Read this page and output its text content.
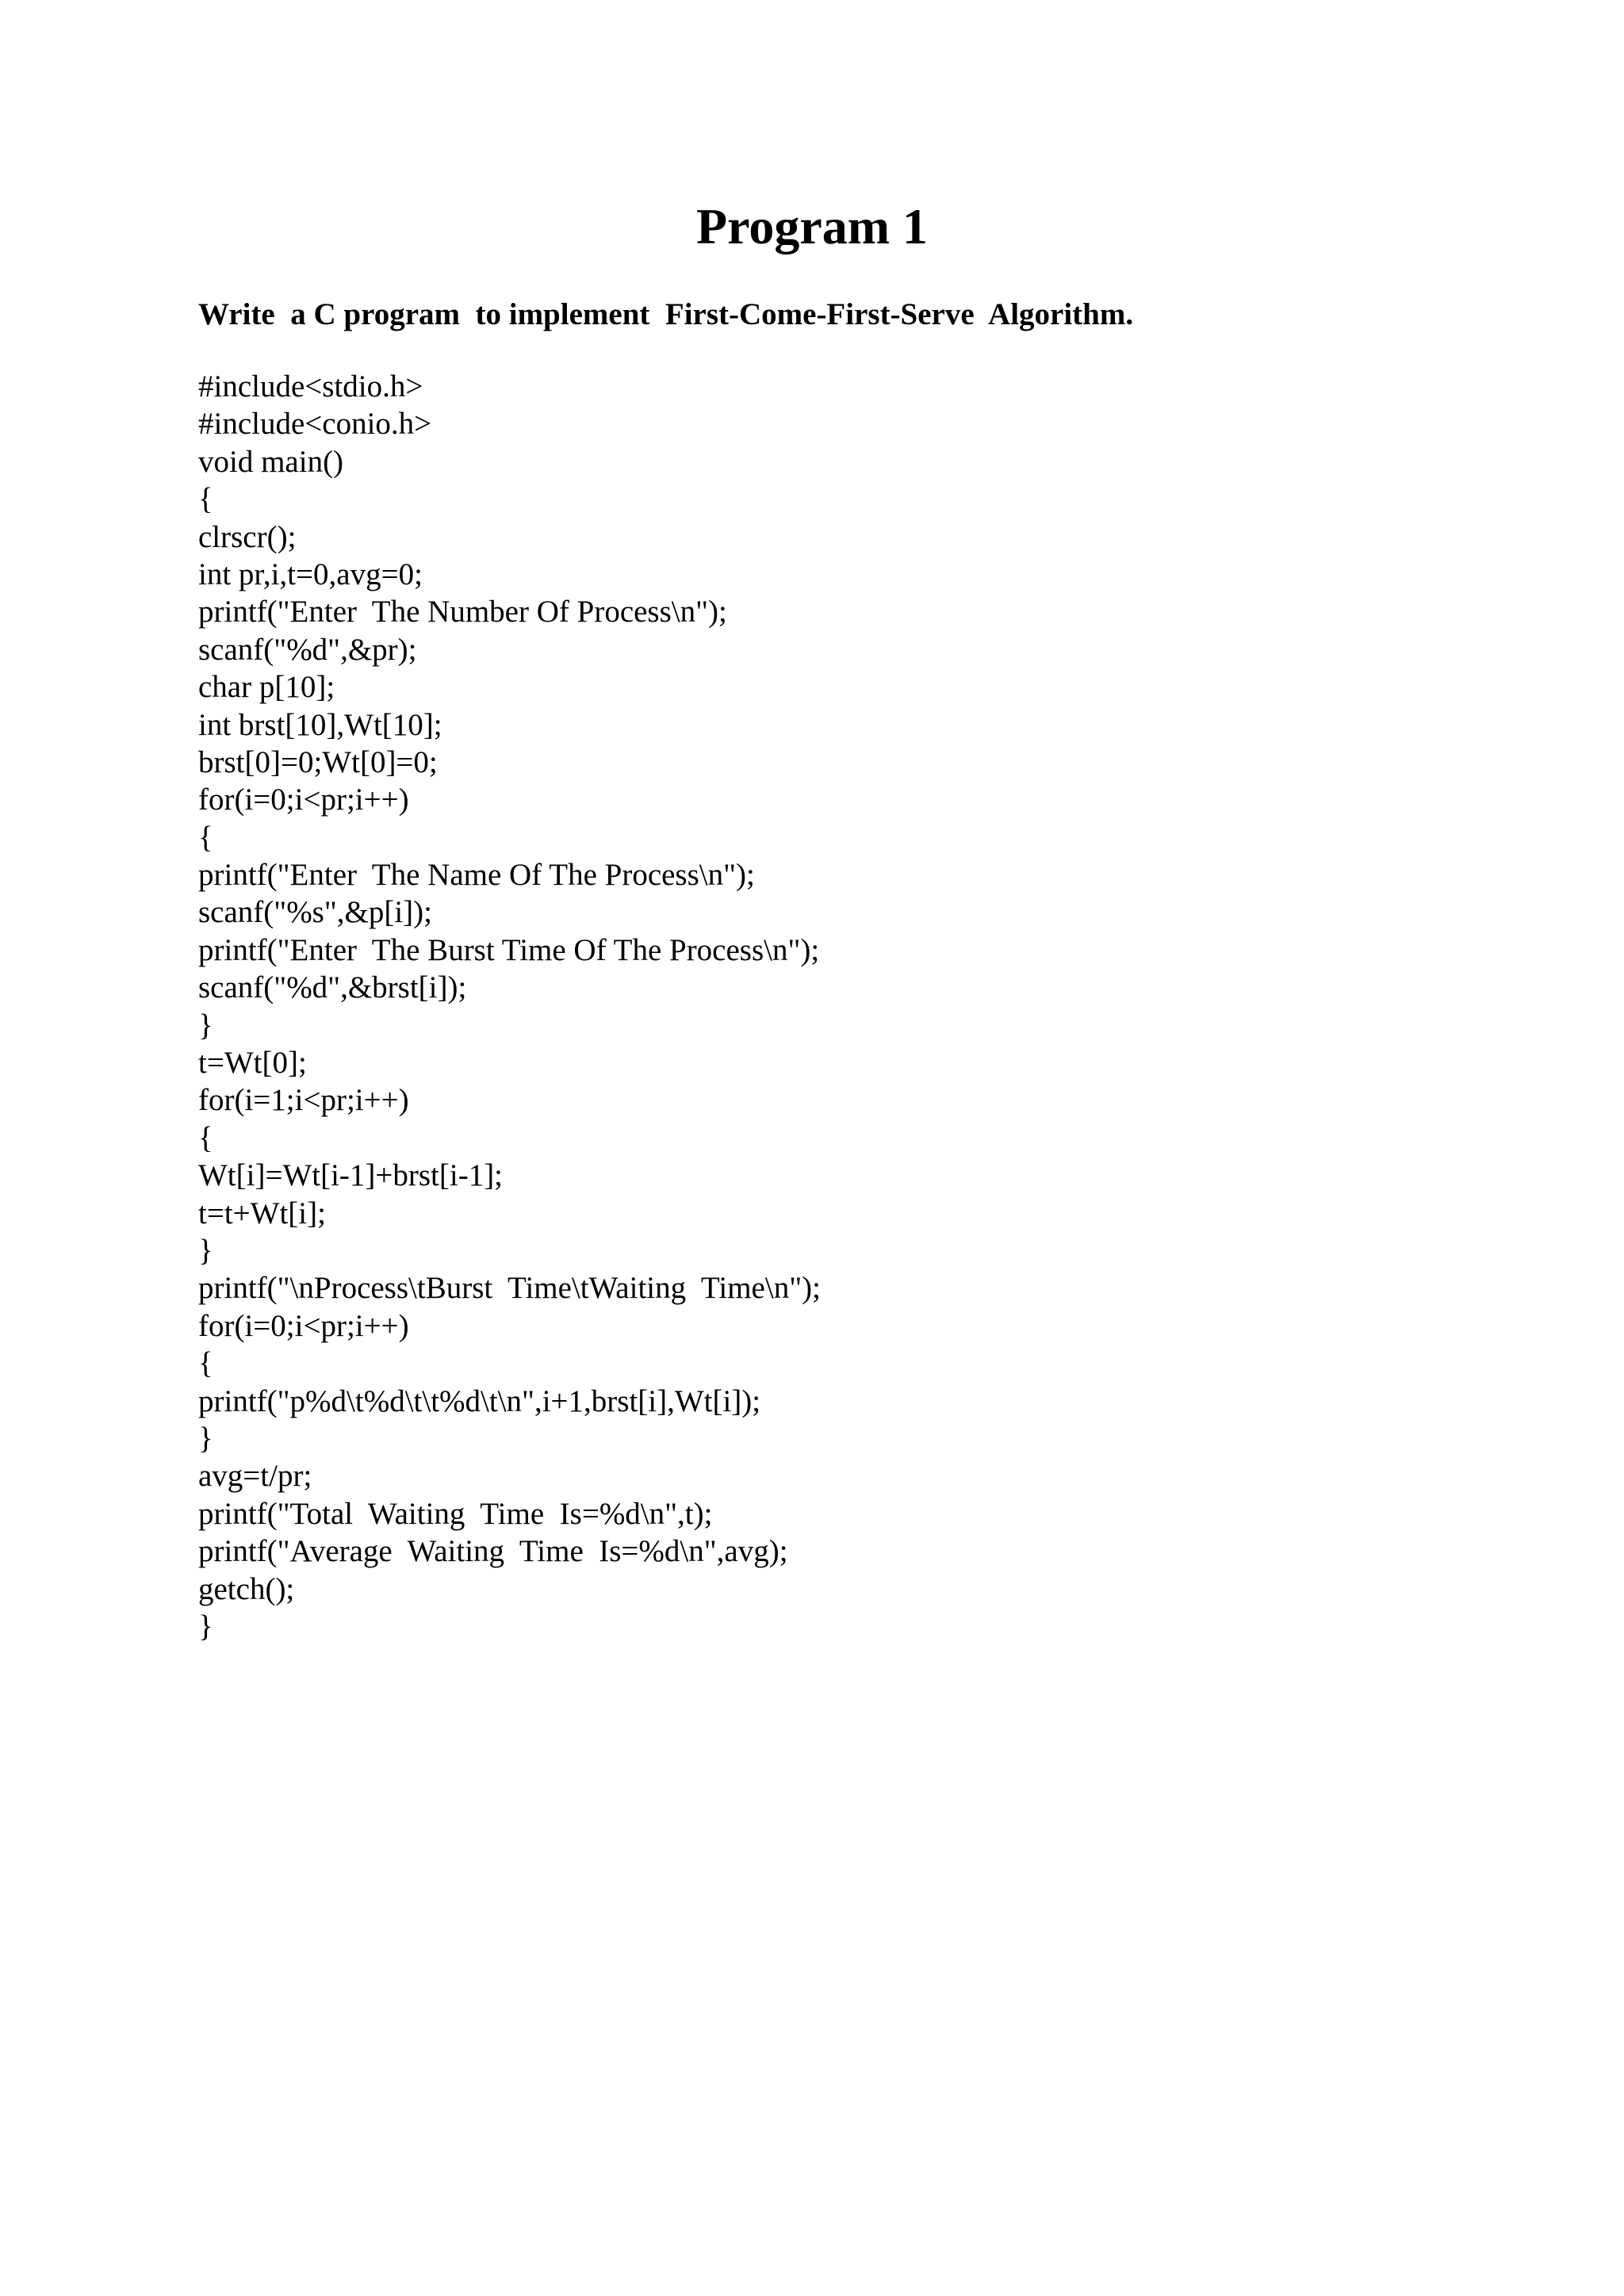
Program 1

Write  a C program  to implement  First-Come-First-Serve  Algorithm.

#include<stdio.h>
#include<conio.h>
void main()
{
clrscr();
int pr,i,t=0,avg=0;
printf("Enter  The Number Of Process\n");
scanf("%d",&pr);
char p[10];
int brst[10],Wt[10];
brst[0]=0;Wt[0]=0;
for(i=0;i<pr;i++)
{
printf("Enter  The Name Of The Process\n");
scanf("%s",&p[i]);
printf("Enter  The Burst Time Of The Process\n");
scanf("%d",&brst[i]);
}
t=Wt[0];
for(i=1;i<pr;i++)
{
Wt[i]=Wt[i-1]+brst[i-1];
t=t+Wt[i];
}
printf("\nProcess\tBurst  Time\tWaiting  Time\n");
for(i=0;i<pr;i++)
{
printf("p%d\t%d\t\t%d\t\n",i+1,brst[i],Wt[i]);
}
avg=t/pr;
printf("Total  Waiting  Time  Is=%d\n",t);
printf("Average  Waiting  Time  Is=%d\n",avg);
getch();
}
